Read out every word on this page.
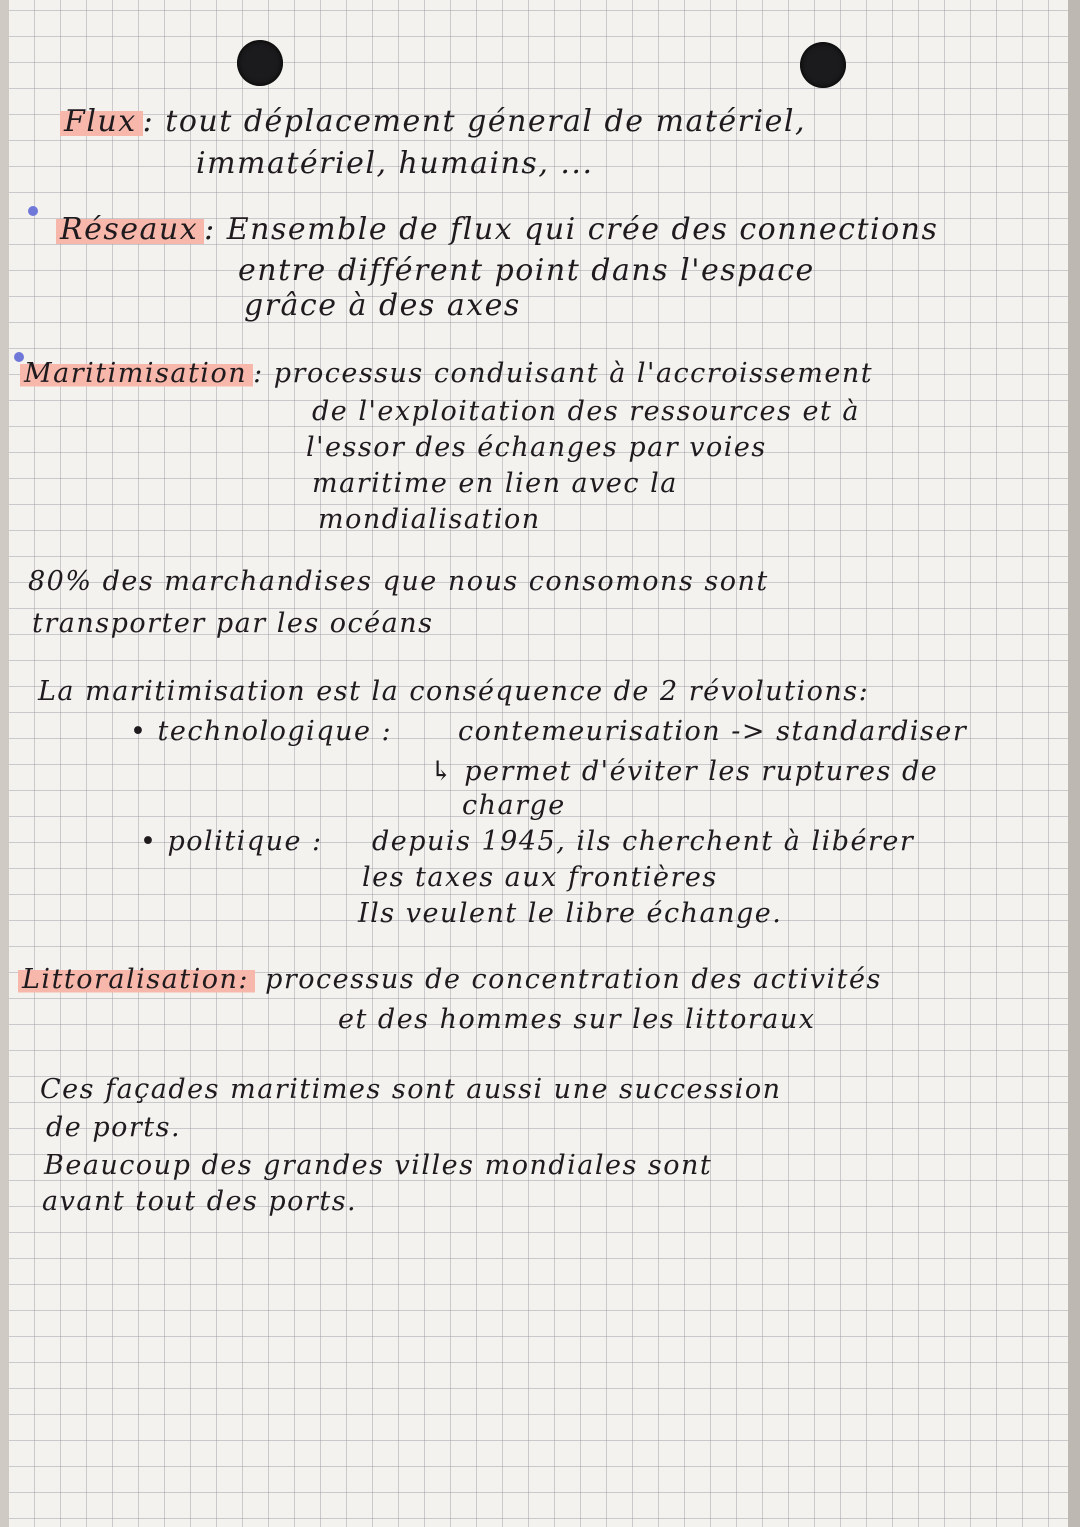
Flux : tout déplacement géneral de matériel,
immatériel, humains, ...
Réseaux : Ensemble de flux qui crée des connections
entre différent point dans l'espace
grâce à des axes
Maritimisation : processus conduisant à l'accroissement
de l'exploitation des ressources et à
l'essor des échanges par voies
maritime en lien avec la
mondialisation
80% des marchandises que nous consomons sont
transporter par les océans
La maritimisation est la conséquence de 2 révolutions:
• technologique : contemeurisation -> standardiser
↳ permet d'éviter les ruptures de
charge
• politique : depuis 1945, ils cherchent à libérer
les taxes aux frontières
Ils veulent le libre échange.
Littoralisation: processus de concentration des activités
et des hommes sur les littoraux
Ces façades maritimes sont aussi une succession
de ports.
Beaucoup des grandes villes mondiales sont
avant tout des ports.
